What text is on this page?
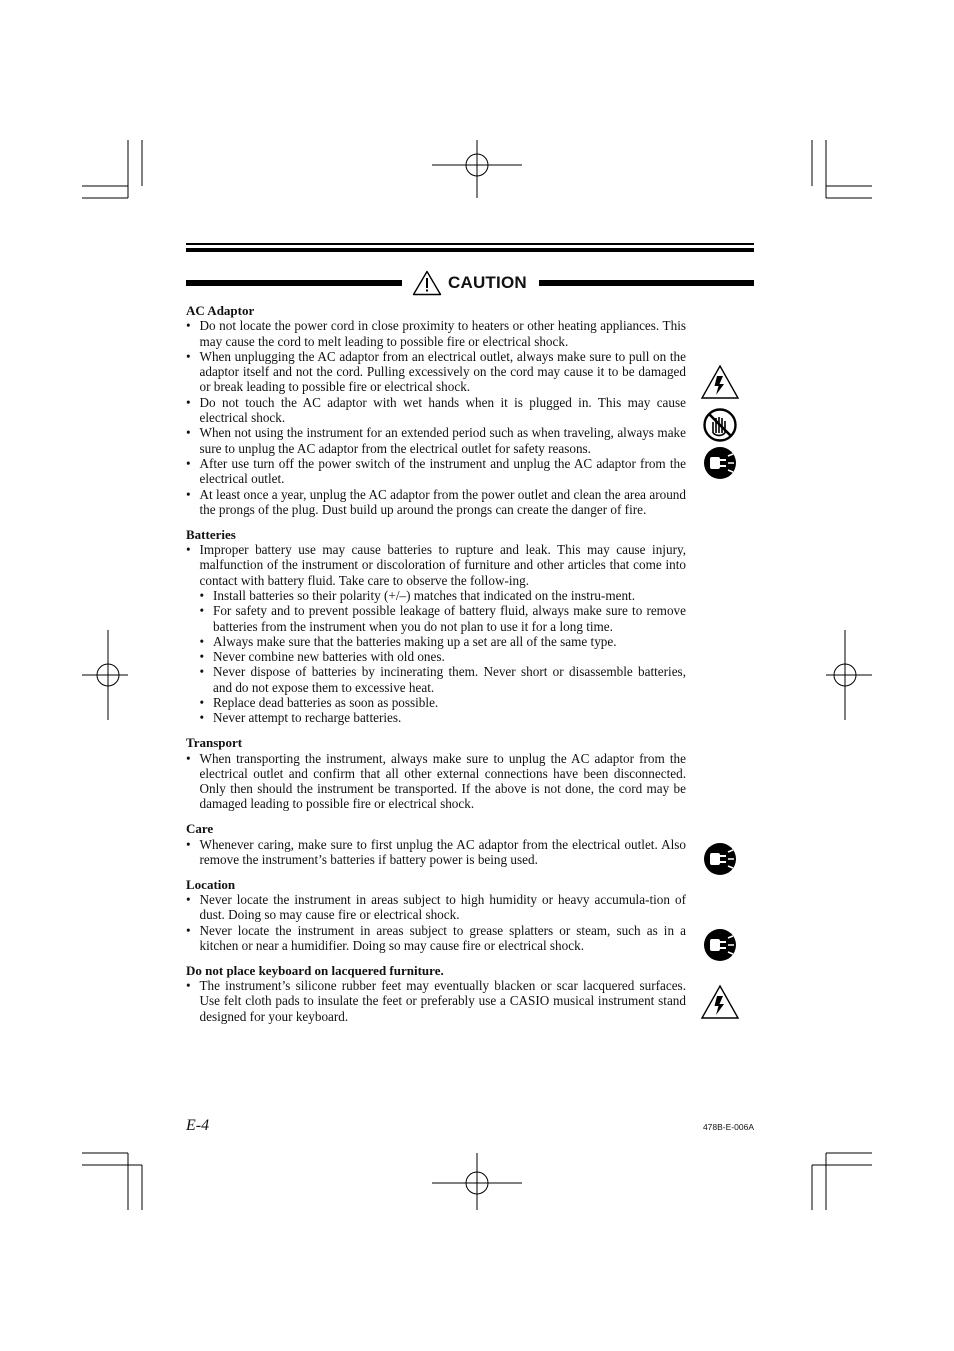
CAUTION

AC Adaptor

• Do not locate the power cord in close proximity to heaters or other heating appliances. This may cause the cord to melt leading to possible fire or electrical shock.
• When unplugging the AC adaptor from an electrical outlet, always make sure to pull on the adaptor itself and not the cord. Pulling excessively on the cord may cause it to be damaged or break leading to possible fire or electrical shock.
• Do not touch the AC adaptor with wet hands when it is plugged in. This may cause electrical shock.
• When not using the instrument for an extended period such as when traveling, always make sure to unplug the AC adaptor from the electrical outlet for safety reasons.
• After use turn off the power switch of the instrument and unplug the AC adaptor from the electrical outlet.
• At least once a year, unplug the AC adaptor from the power outlet and clean the area around the prongs of the plug. Dust build up around the prongs can create the danger of fire.

Batteries

• Improper battery use may cause batteries to rupture and leak. This may cause injury, malfunction of the instrument or discoloration of furniture and other articles that come into contact with battery fluid. Take care to observe the follow-ing.
• Install batteries so their polarity (+/–) matches that indicated on the instru-ment.
• For safety and to prevent possible leakage of battery fluid, always make sure to remove batteries from the instrument when you do not plan to use it for a long time.
• Always make sure that the batteries making up a set are all of the same type.
• Never combine new batteries with old ones.
• Never dispose of batteries by incinerating them. Never short or disassemble batteries, and do not expose them to excessive heat.
• Replace dead batteries as soon as possible.
• Never attempt to recharge batteries.

Transport

• When transporting the instrument, always make sure to unplug the AC adaptor from the electrical outlet and confirm that all other external connections have been disconnected. Only then should the instrument be transported. If the above is not done, the cord may be damaged leading to possible fire or electrical shock.

Care

• Whenever caring, make sure to first unplug the AC adaptor from the electrical outlet. Also remove the instrument’s batteries if battery power is being used.

Location

• Never locate the instrument in areas subject to high humidity or heavy accumula-tion of dust. Doing so may cause fire or electrical shock.
• Never locate the instrument in areas subject to grease splatters or steam, such as in a kitchen or near a humidifier. Doing so may cause fire or electrical shock.

Do not place keyboard on lacquered furniture.

• The instrument’s silicone rubber feet may eventually blacken or scar lacquered surfaces. Use felt cloth pads to insulate the feet or preferably use a CASIO musical instrument stand designed for your keyboard.
E-4	478B-E-006A
